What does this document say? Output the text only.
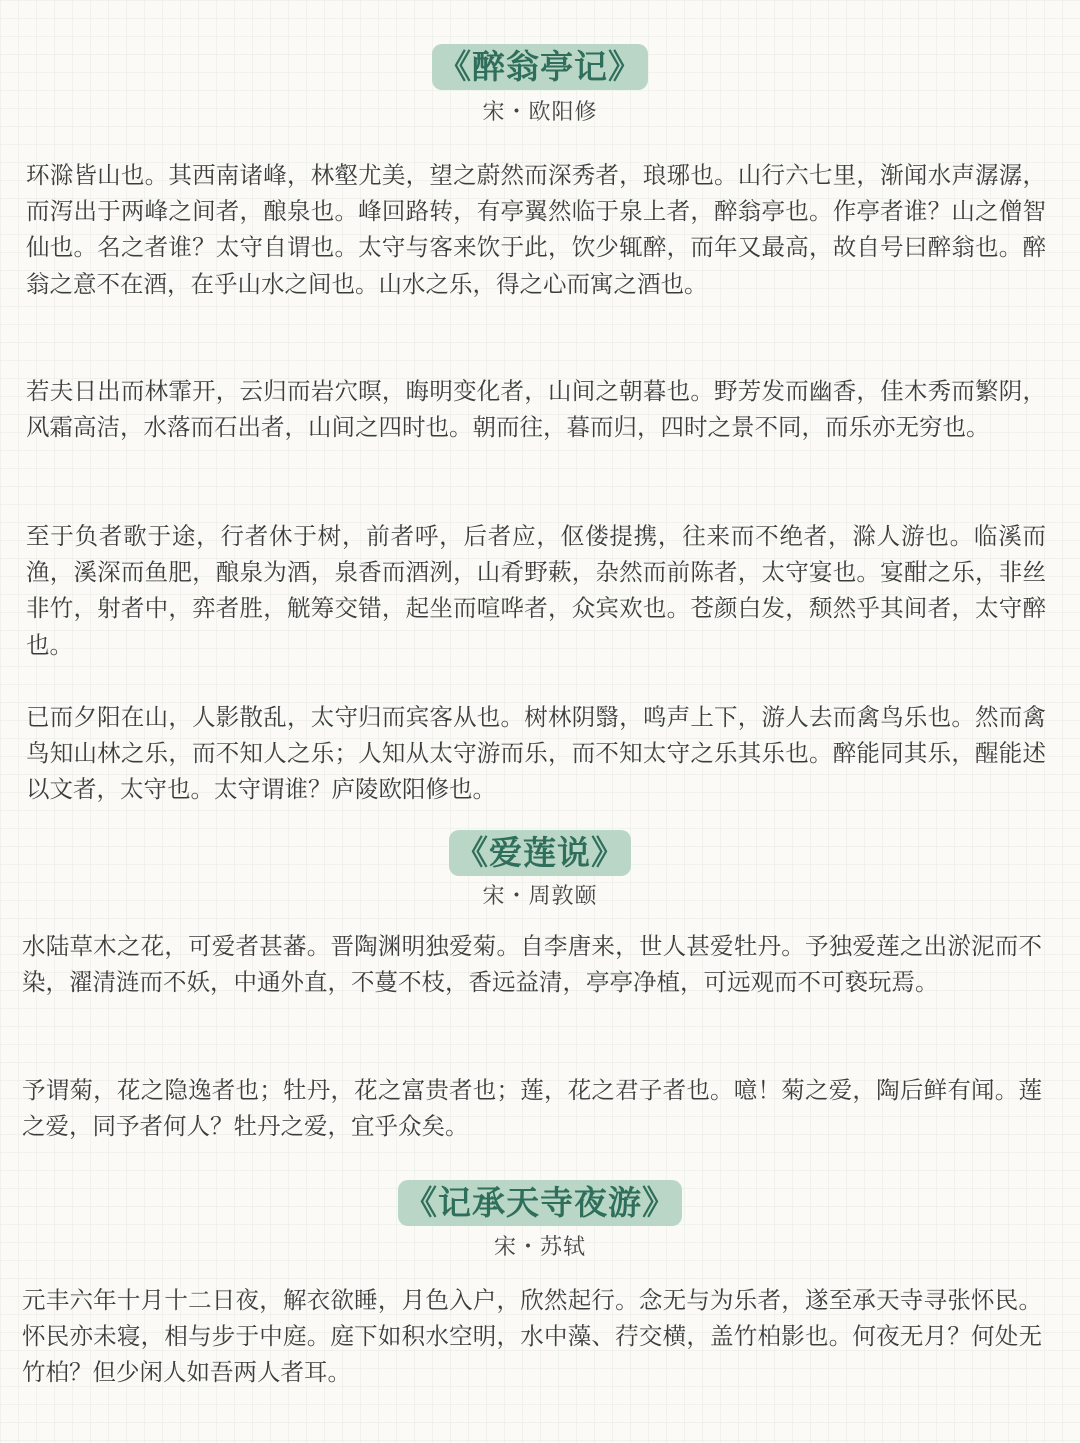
《醉翁亭记》
宋・欧阳修

环滁皆山也。其西南诸峰，林壑尤美，望之蔚然而深秀者，琅琊也。山行六七里，渐闻水声潺潺，而泻出于两峰之间者，酿泉也。峰回路转，有亭翼然临于泉上者，醉翁亭也。作亭者谁？山之僧智仙也。名之者谁？太守自谓也。太守与客来饮于此，饮少辄醉，而年又最高，故自号曰醉翁也。醉翁之意不在酒，在乎山水之间也。山水之乐，得之心而寓之酒也。

若夫日出而林霏开，云归而岩穴暝，晦明变化者，山间之朝暮也。野芳发而幽香，佳木秀而繁阴，风霜高洁，水落而石出者，山间之四时也。朝而往，暮而归，四时之景不同，而乐亦无穷也。

至于负者歌于途，行者休于树，前者呼，后者应，伛偻提携，往来而不绝者，滁人游也。临溪而渔，溪深而鱼肥，酿泉为酒，泉香而酒洌，山肴野蔌，杂然而前陈者，太守宴也。宴酣之乐，非丝非竹，射者中，弈者胜，觥筹交错，起坐而喧哗者，众宾欢也。苍颜白发，颓然乎其间者，太守醉也。

已而夕阳在山，人影散乱，太守归而宾客从也。树林阴翳，鸣声上下，游人去而禽鸟乐也。然而禽鸟知山林之乐，而不知人之乐；人知从太守游而乐，而不知太守之乐其乐也。醉能同其乐，醒能述以文者，太守也。太守谓谁？庐陵欧阳修也。

《爱莲说》
宋・周敦颐

水陆草木之花，可爱者甚蕃。晋陶渊明独爱菊。自李唐来，世人甚爱牡丹。予独爱莲之出淤泥而不染，濯清涟而不妖，中通外直，不蔓不枝，香远益清，亭亭净植，可远观而不可亵玩焉。

予谓菊，花之隐逸者也；牡丹，花之富贵者也；莲，花之君子者也。噫！菊之爱，陶后鲜有闻。莲之爱，同予者何人？牡丹之爱，宜乎众矣。

《记承天寺夜游》
宋・苏轼

元丰六年十月十二日夜，解衣欲睡，月色入户，欣然起行。念无与为乐者，遂至承天寺寻张怀民。怀民亦未寝，相与步于中庭。庭下如积水空明，水中藻、荇交横，盖竹柏影也。何夜无月？何处无竹柏？但少闲人如吾两人者耳。
